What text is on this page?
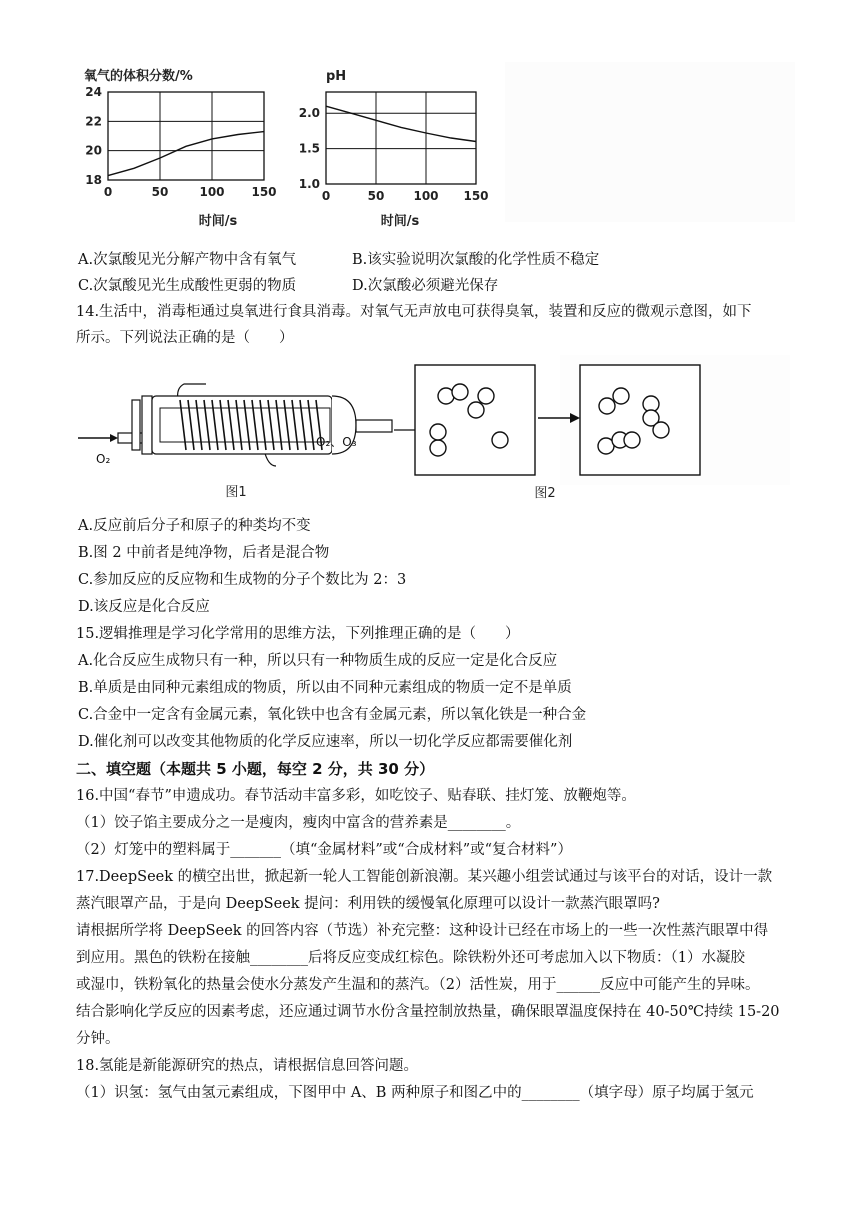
氧气的体积分数/%
0	50	100 150
18
20
22
24
时间/s
pH
0	50 100 150
1.0
1.5
2.0
时间/s
A.次氯酸见光分解产物中含有氧气	B.该实验说明次氯酸的化学性质不稳定
C.次氯酸见光生成酸性更弱的物质	D.次氯酸必须避光保存
14.生活中，消毒柜通过臭氧进行食具消毒。对氧气无声放电可获得臭氧，装置和反应的微观示意图，如下
所示。下列说法正确的是（　　）
O₂
图1
O₂、O₃
图2
A.反应前后分子和原子的种类均不变
B.图 2 中前者是纯净物，后者是混合物
C.参加反应的反应物和生成物的分子个数比为 2：3
D.该反应是化合反应
15.逻辑推理是学习化学常用的思维方法，下列推理正确的是（　　）
A.化合反应生成物只有一种，所以只有一种物质生成的反应一定是化合反应
B.单质是由同种元素组成的物质，所以由不同种元素组成的物质一定不是单质
C.合金中一定含有金属元素，氧化铁中也含有金属元素，所以氧化铁是一种合金
D.催化剂可以改变其他物质的化学反应速率，所以一切化学反应都需要催化剂
二、填空题（本题共 5 小题，每空 2 分，共 30 分）
16.中国“春节”申遗成功。春节活动丰富多彩，如吃饺子、贴春联、挂灯笼、放鞭炮等。
（1）饺子馅主要成分之一是瘦肉，瘦肉中富含的营养素是________。
（2）灯笼中的塑料属于_______（填“金属材料”或“合成材料”或“复合材料”）
17.DeepSeek 的横空出世，掀起新一轮人工智能创新浪潮。某兴趣小组尝试通过与该平台的对话，设计一款
蒸汽眼罩产品，于是向 DeepSeek 提问：利用铁的缓慢氧化原理可以设计一款蒸汽眼罩吗?
请根据所学将 DeepSeek 的回答内容（节选）补充完整：这种设计已经在市场上的一些一次性蒸汽眼罩中得
到应用。黑色的铁粉在接触________后将反应变成红棕色。除铁粉外还可考虑加入以下物质：（1）水凝胶
或湿巾，铁粉氧化的热量会使水分蒸发产生温和的蒸汽。（2）活性炭，用于______反应中可能产生的异味。
结合影响化学反应的因素考虑，还应通过调节水份含量控制放热量，确保眼罩温度保持在 40-50℃持续 15-20
分钟。
18.氢能是新能源研究的热点，请根据信息回答问题。
（1）识氢：氢气由氢元素组成，下图甲中 A、B 两种原子和图乙中的________（填字母）原子均属于氢元
